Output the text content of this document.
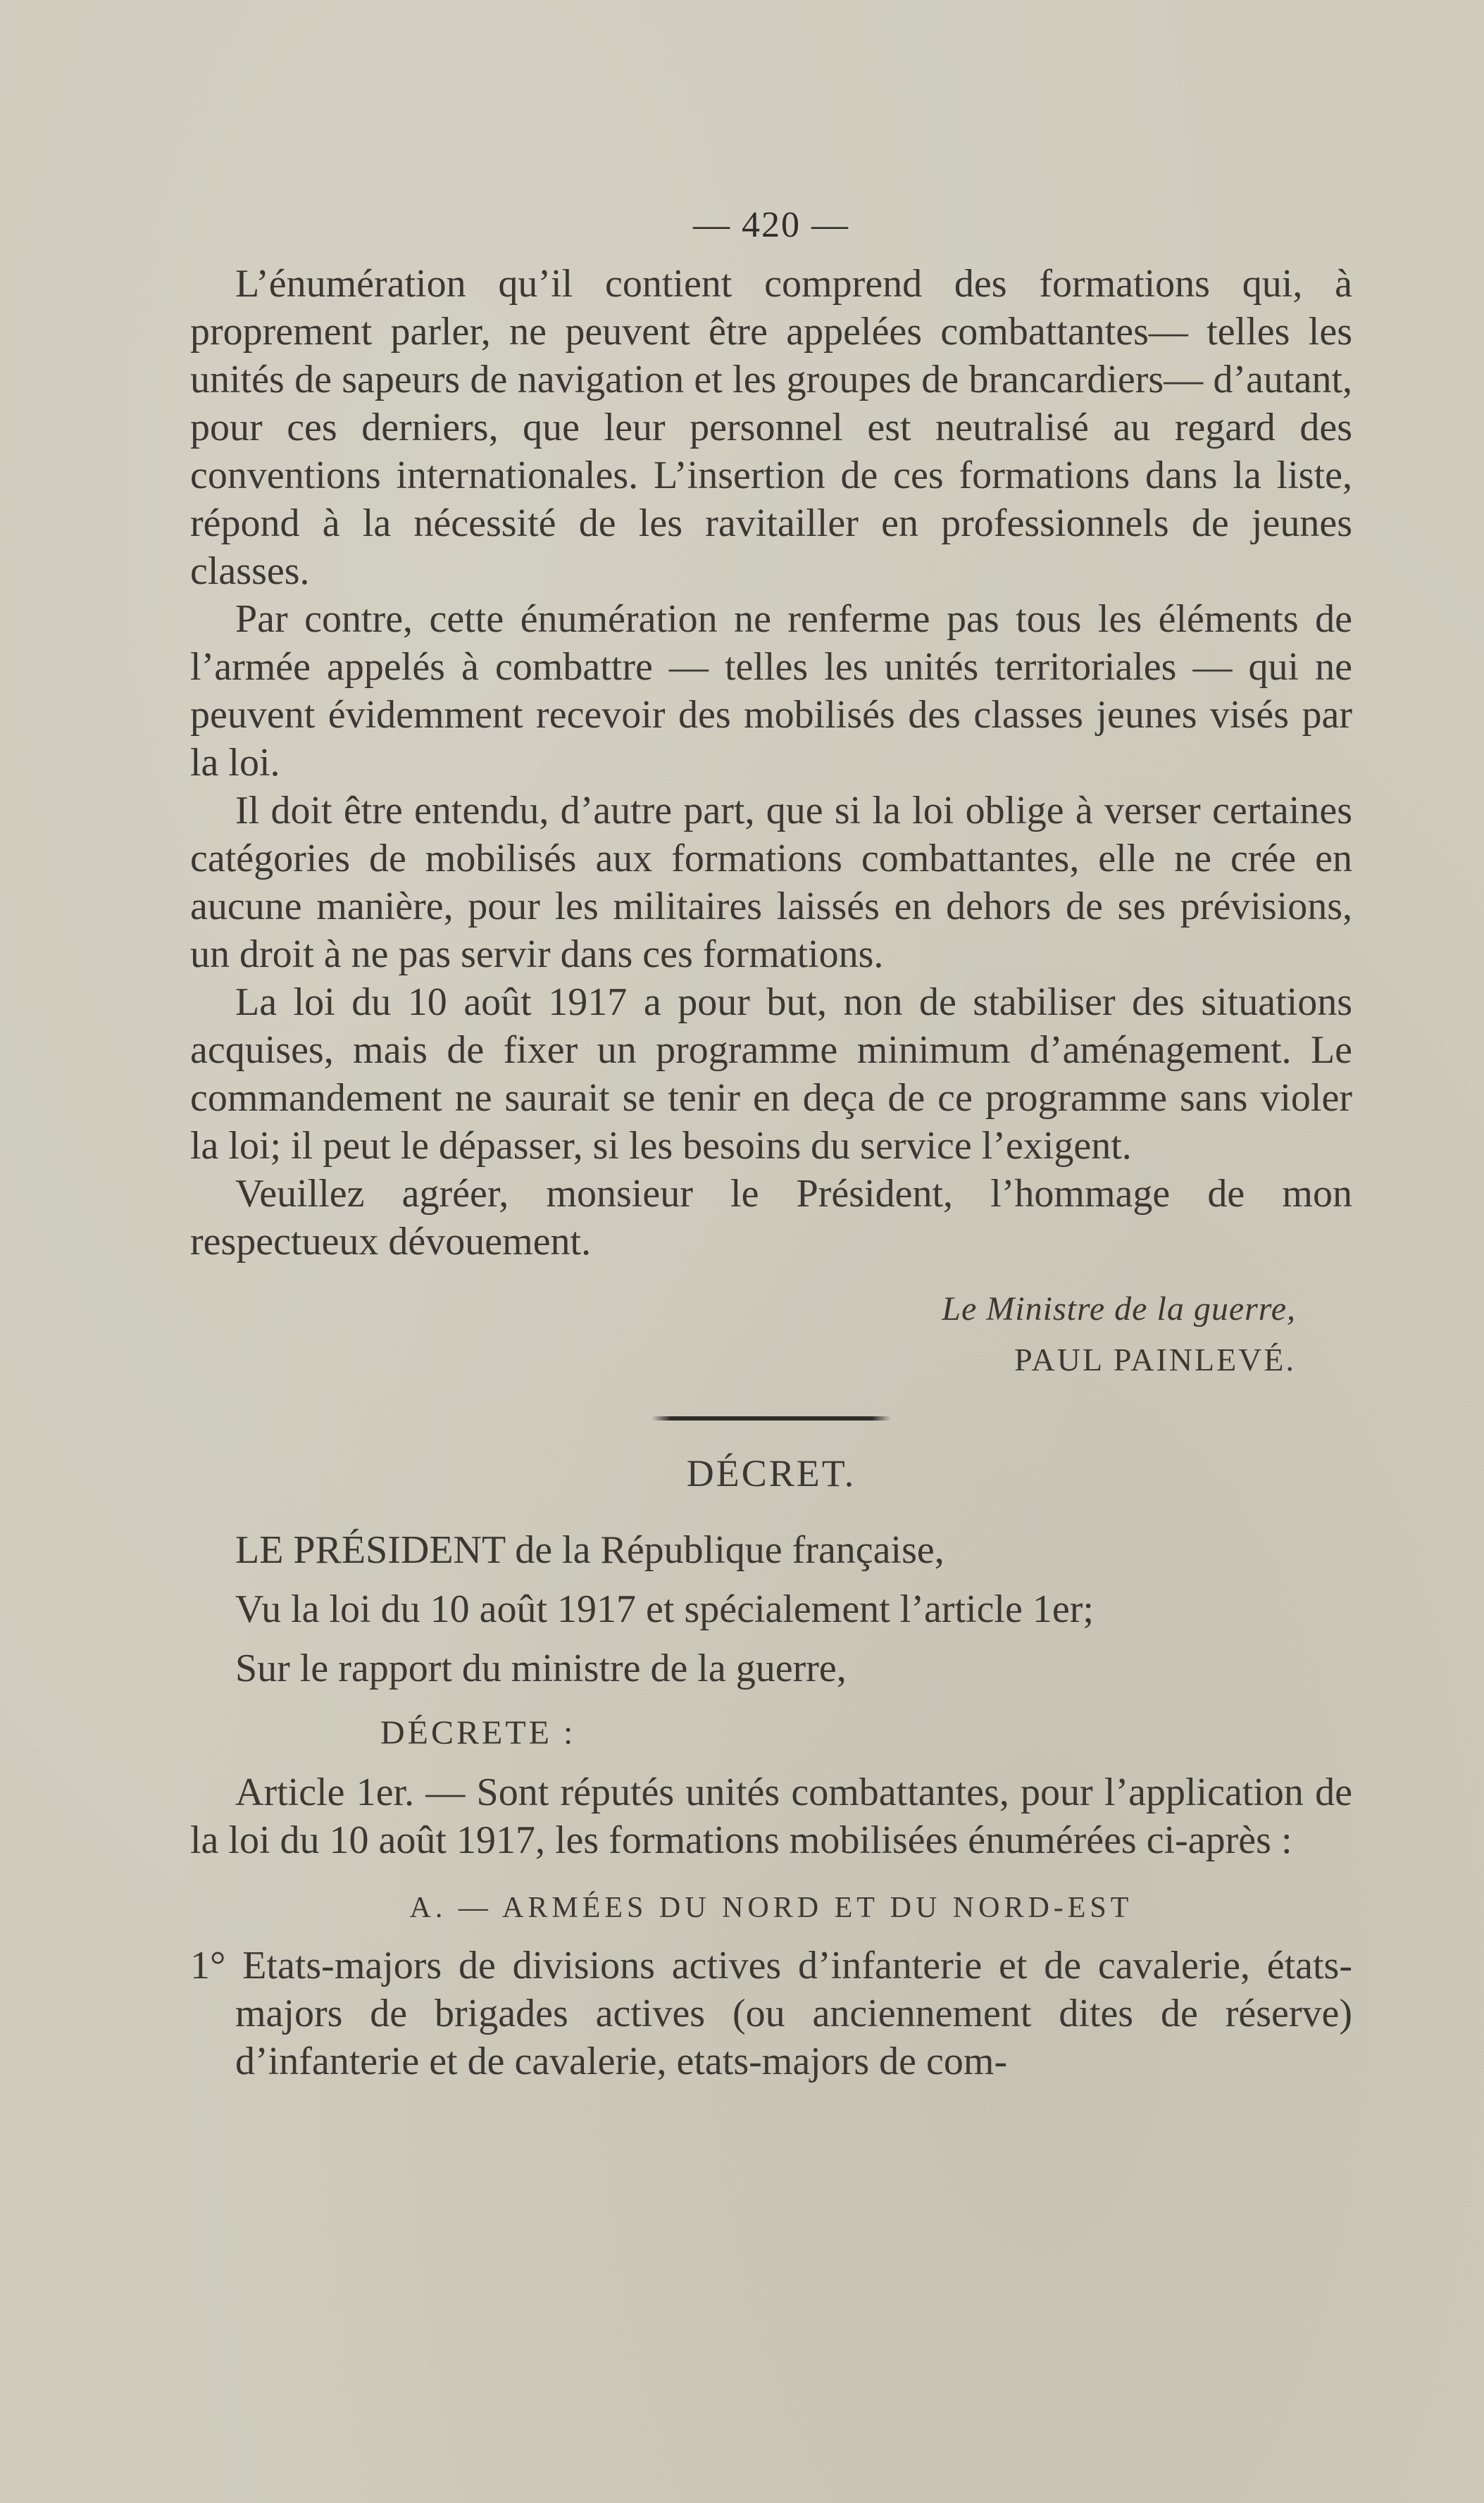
— 420 —

L’énumération qu’il contient comprend des formations qui, à proprement parler, ne peuvent être appelées combattantes— telles les unités de sapeurs de navigation et les groupes de brancardiers— d’autant, pour ces derniers, que leur personnel est neutralisé au regard des conventions internationales. L’insertion de ces formations dans la liste, répond à la nécessité de les ravitailler en professionnels de jeunes classes.

Par contre, cette énumération ne renferme pas tous les éléments de l’armée appelés à combattre — telles les unités territoriales — qui ne peuvent évidemment recevoir des mobilisés des classes jeunes visés par la loi.

Il doit être entendu, d’autre part, que si la loi oblige à verser certaines catégories de mobilisés aux formations combattantes, elle ne crée en aucune manière, pour les militaires laissés en dehors de ses prévisions, un droit à ne pas servir dans ces formations.

La loi du 10 août 1917 a pour but, non de stabiliser des situations acquises, mais de fixer un programme minimum d’aménagement. Le commandement ne saurait se tenir en deça de ce programme sans violer la loi; il peut le dépasser, si les besoins du service l’exigent.

Veuillez agréer, monsieur le Président, l’hommage de mon respectueux dévouement.

Le Ministre de la guerre,
PAUL PAINLEVÉ.
DÉCRET.

LE PRÉSIDENT de la République française,

Vu la loi du 10 août 1917 et spécialement l’article 1er;

Sur le rapport du ministre de la guerre,

DÉCRETE :

Article 1er. — Sont réputés unités combattantes, pour l’application de la loi du 10 août 1917, les formations mobilisées énumérées ci-après :

A. — ARMÉES DU NORD ET DU NORD-EST

1° Etats-majors de divisions actives d’infanterie et de cavalerie, états-majors de brigades actives (ou anciennement dites de réserve) d’infanterie et de cavalerie, etats-majors de com-
